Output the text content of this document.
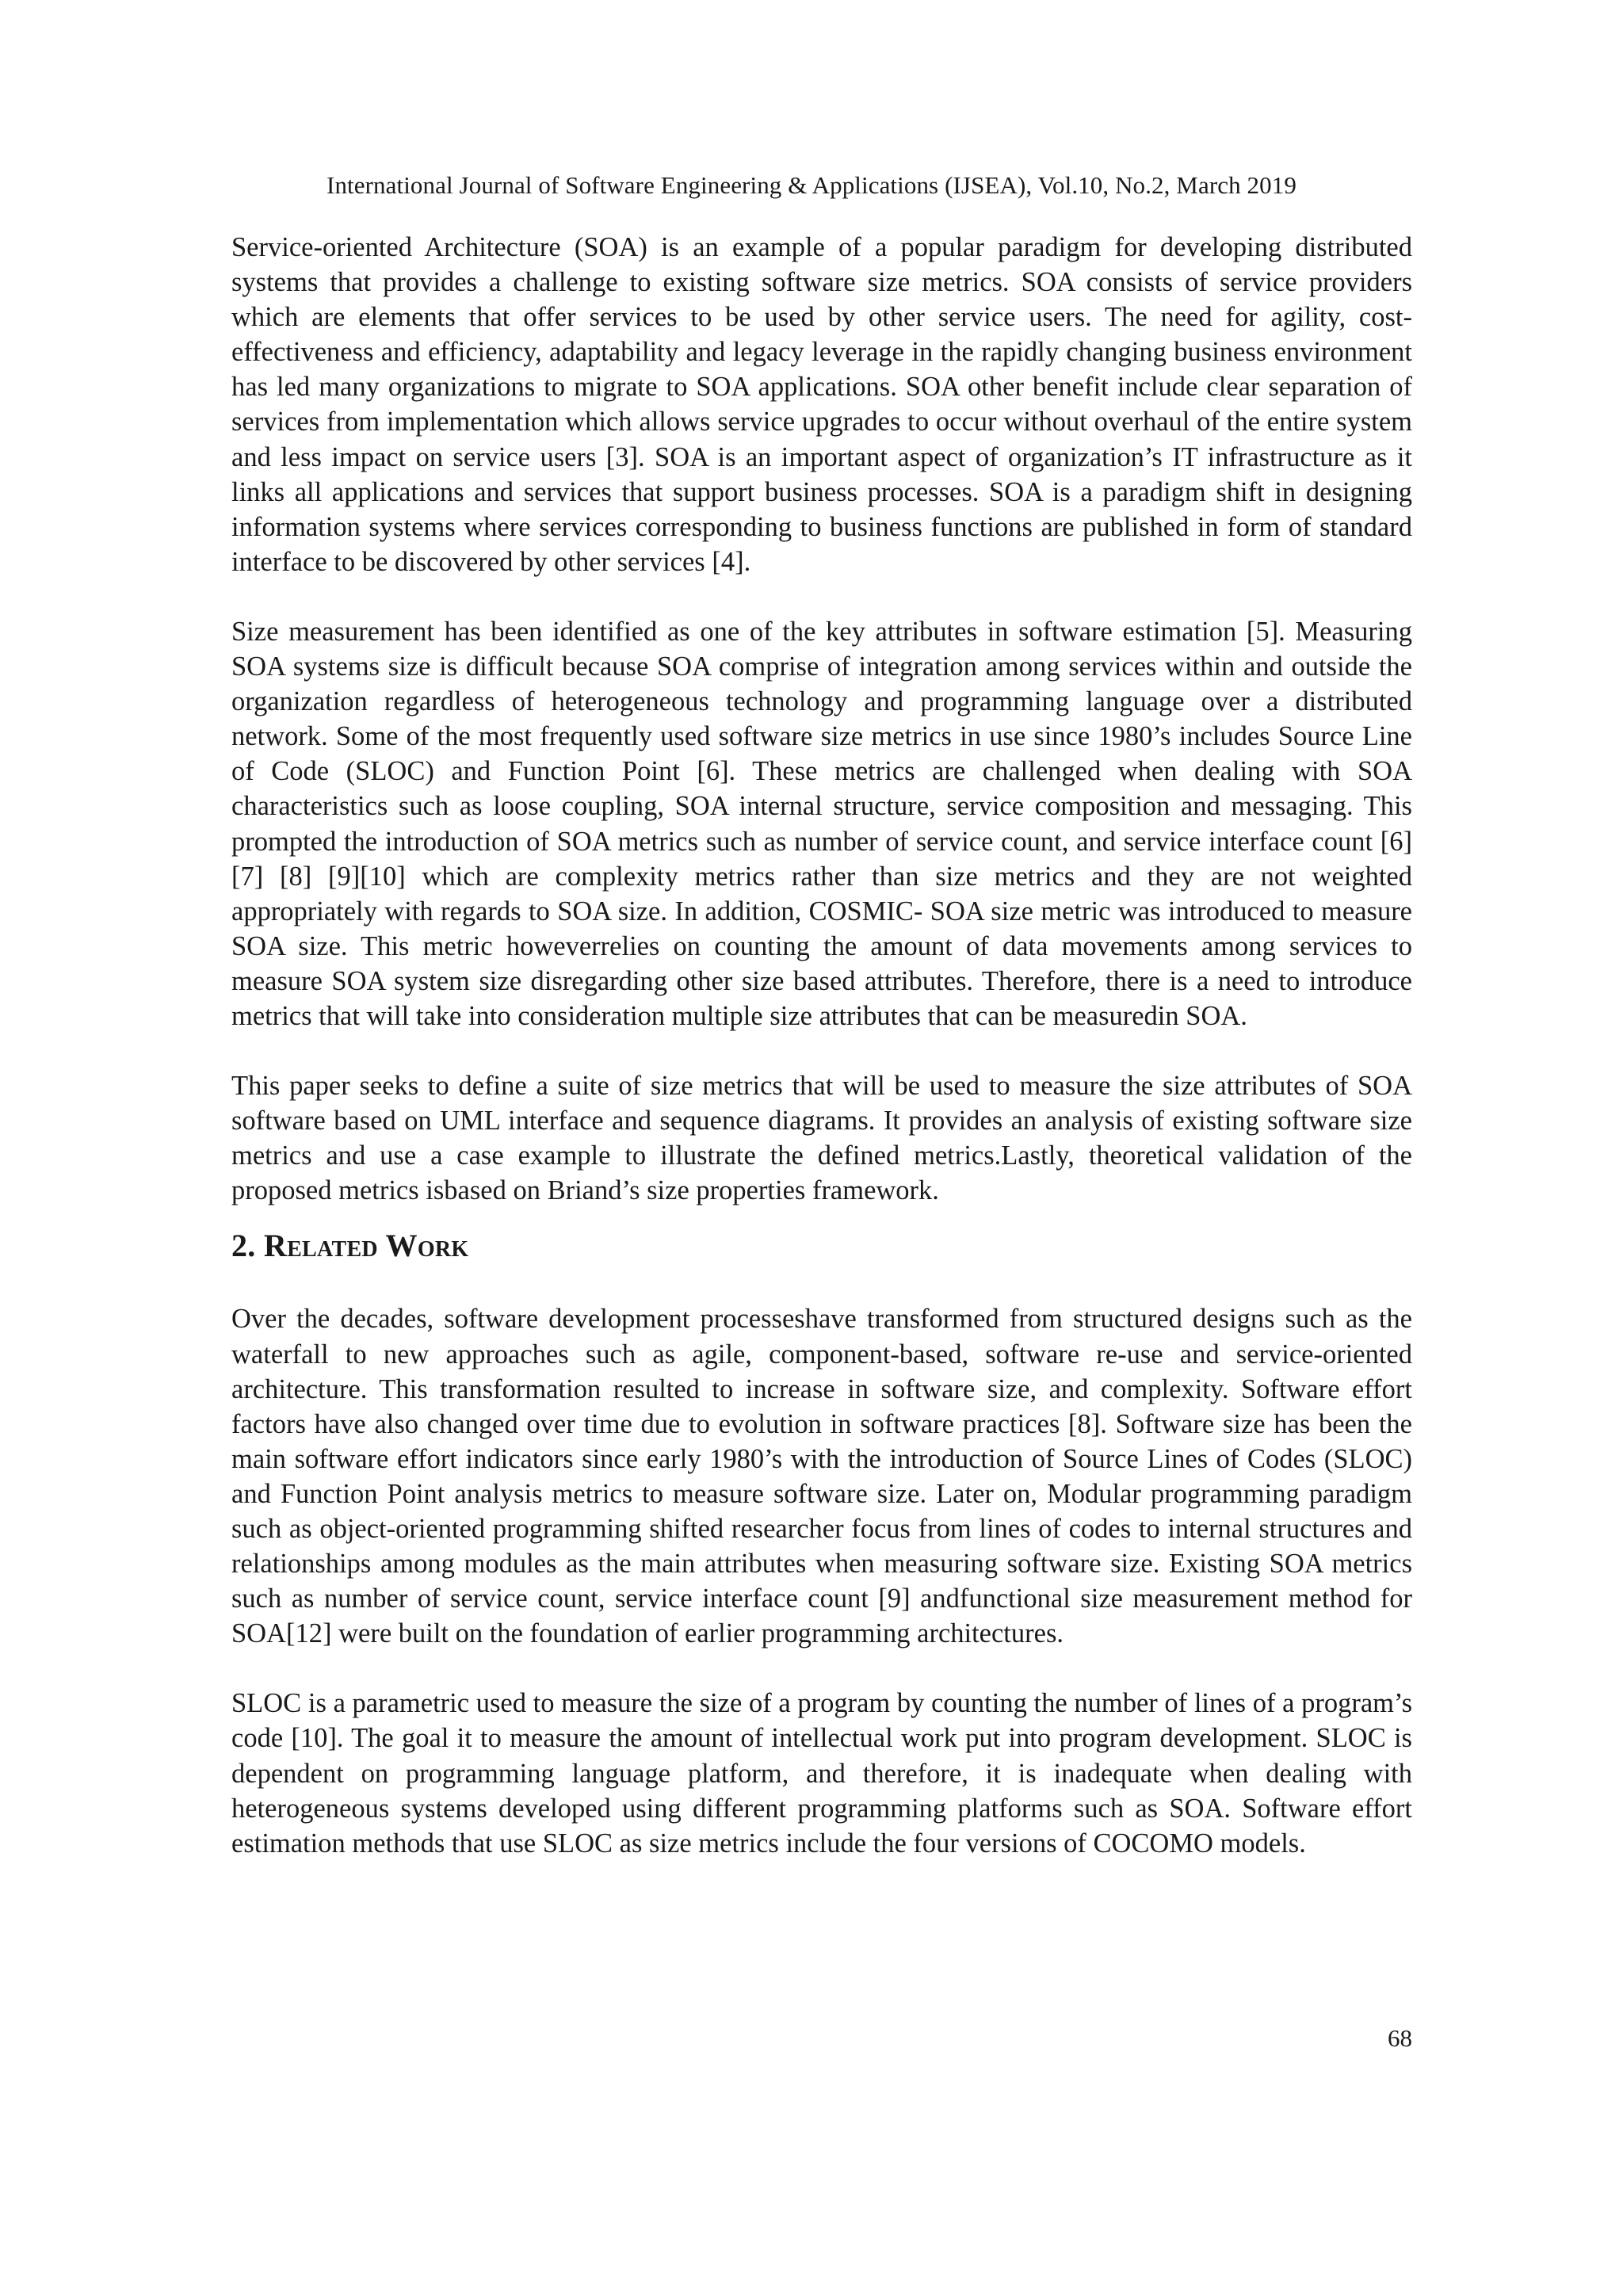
International Journal of Software Engineering & Applications (IJSEA), Vol.10, No.2, March 2019

Service-oriented Architecture (SOA) is an example of a popular paradigm for developing distributed systems that provides a challenge to existing software size metrics. SOA consists of service providers which are elements that offer services to be used by other service users. The need for agility, cost-effectiveness and efficiency, adaptability and legacy leverage in the rapidly changing business environment has led many organizations to migrate to SOA applications. SOA other benefit include clear separation of services from implementation which allows service upgrades to occur without overhaul of the entire system and less impact on service users [3]. SOA is an important aspect of organization’s IT infrastructure as it links all applications and services that support business processes. SOA is a paradigm shift in designing information systems where services corresponding to business functions are published in form of standard interface to be discovered by other services [4].

Size measurement has been identified as one of the key attributes in software estimation [5]. Measuring SOA systems size is difficult because SOA comprise of integration among services within and outside the organization regardless of heterogeneous technology and programming language over a distributed network. Some of the most frequently used software size metrics in use since 1980’s includes Source Line of Code (SLOC) and Function Point [6]. These metrics are challenged when dealing with SOA characteristics such as loose coupling, SOA internal structure, service composition and messaging. This prompted the introduction of SOA metrics such as number of service count, and service interface count [6] [7] [8] [9][10] which are complexity metrics rather than size metrics and they are not weighted appropriately with regards to SOA size. In addition, COSMIC- SOA size metric was introduced to measure SOA size. This metric howeverrelies on counting the amount of data movements among services to measure SOA system size disregarding other size based attributes. Therefore, there is a need to introduce metrics that will take into consideration multiple size attributes that can be measuredin SOA.

This paper seeks to define a suite of size metrics that will be used to measure the size attributes of SOA software based on UML interface and sequence diagrams. It provides an analysis of existing software size metrics and use a case example to illustrate the defined metrics.Lastly, theoretical validation of the proposed metrics isbased on Briand’s size properties framework.

2. Related Work

Over the decades, software development processeshave transformed from structured designs such as the waterfall to new approaches such as agile, component-based, software re-use and service-oriented architecture. This transformation resulted to increase in software size, and complexity. Software effort factors have also changed over time due to evolution in software practices [8]. Software size has been the main software effort indicators since early 1980’s with the introduction of Source Lines of Codes (SLOC) and Function Point analysis metrics to measure software size. Later on, Modular programming paradigm such as object-oriented programming shifted researcher focus from lines of codes to internal structures and relationships among modules as the main attributes when measuring software size. Existing SOA metrics such as number of service count, service interface count [9] andfunctional size measurement method for SOA[12] were built on the foundation of earlier programming architectures.

SLOC is a parametric used to measure the size of a program by counting the number of lines of a program’s code [10]. The goal it to measure the amount of intellectual work put into program development. SLOC is dependent on programming language platform, and therefore, it is inadequate when dealing with heterogeneous systems developed using different programming platforms such as SOA. Software effort estimation methods that use SLOC as size metrics include the four versions of COCOMO models.

68
